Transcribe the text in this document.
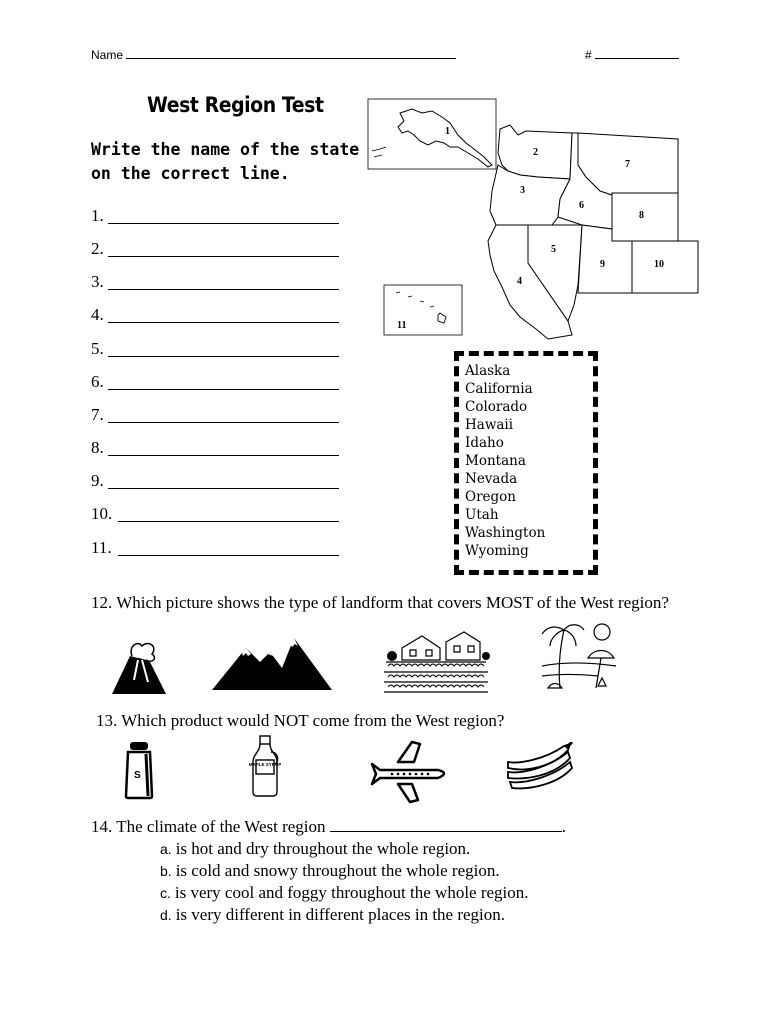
Name	#
West Region Test
Write the name of the state on the correct line.
1.
2.
3.
4.
5.
6.
7.
8.
9.
10.
11.
1
2
3
4
5
6
7
8
9	10
11
Alaska
California
Colorado
Hawaii
Idaho
Montana
Nevada
Oregon
Utah
Washington
Wyoming
12. Which picture shows the type of landform that covers MOST of the West region?
13. Which product would NOT come from the West region?
S
MAPLE SYRUP
14. The climate of the West region	.
a. is hot and dry throughout the whole region.
b. is cold and snowy throughout the whole region.
c. is very cool and foggy throughout the whole region.
d. is very different in different places in the region.
